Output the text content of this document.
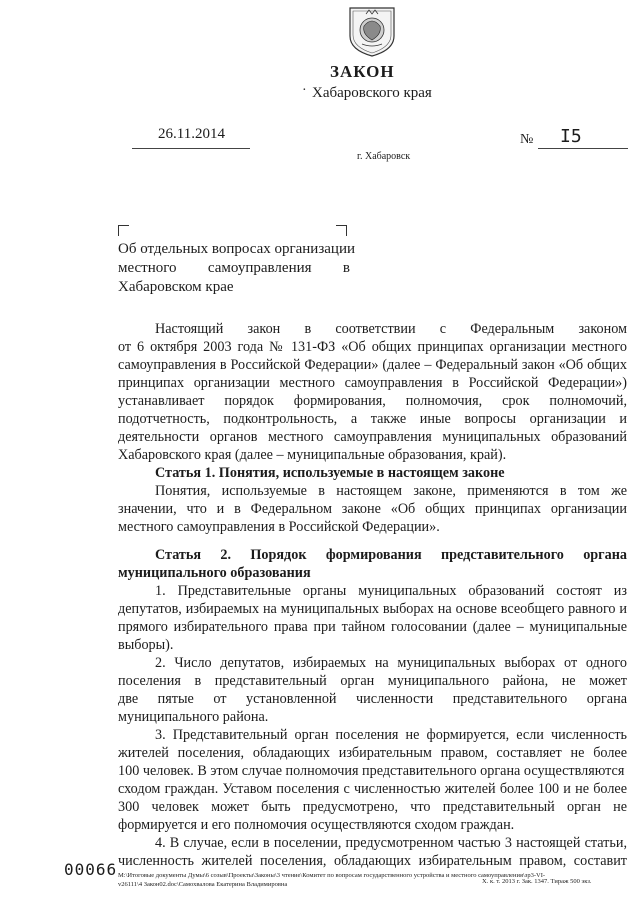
ЗАКОН
· Хабаровского края
26.11.2014	№ I5
г. Хабаровск
Об отдельных вопросах организации
местного самоуправления в
Хабаровском крае
Настоящий закон в соответствии с Федеральным законом
от 6 октября 2003 года № 131-ФЗ «Об общих принципах организации местного
самоуправления в Российской Федерации» (далее – Федеральный закон «Об общих
принципах организации местного самоуправления в Российской Федерации»)
устанавливает порядок формирования, полномочия, срок полномочий,
подотчетность, подконтрольность, а также иные вопросы организации и
деятельности органов местного самоуправления муниципальных образований
Хабаровского края (далее – муниципальные образования, край).
Статья 1. Понятия, используемые в настоящем законе
Понятия, используемые в настоящем законе, применяются в том же
значении, что и в Федеральном законе «Об общих принципах организации
местного самоуправления в Российской Федерации».
Статья 2. Порядок формирования представительного органа
муниципального образования
1. Представительные органы муниципальных образований состоят из
депутатов, избираемых на муниципальных выборах на основе всеобщего равного и
прямого избирательного права при тайном голосовании (далее – муниципальные
выборы).
2. Число депутатов, избираемых на муниципальных выборах от одного
поселения в представительный орган муниципального района, не может
две пятые от установленной численности представительного органа
муниципального района.
3. Представительный орган поселения не формируется, если численность
жителей поселения, обладающих избирательным правом, составляет не более
100 человек. В этом случае полномочия представительного органа осуществляются
сходом граждан. Уставом поселения с численностью жителей более 100 и не более
300 человек может быть предусмотрено, что представительный орган не
формируется и его полномочия осуществляются сходом граждан.
4. В случае, если в поселении, предусмотренном частью 3 настоящей статьи,
численность жителей поселения, обладающих избирательным правом, составит
00066 M:\Итоговые документы Думы\6 созыв\Проекты\Законы\3 чтение\Комитет по вопросам государственного устройства и местного самоуправления\зр3-VI-
v26111\4 Закон02.doc\Самохвалова Екатерина Владимировна	Х. к. т. 2013 г. Зак. 1347. Тираж 500 экз.
